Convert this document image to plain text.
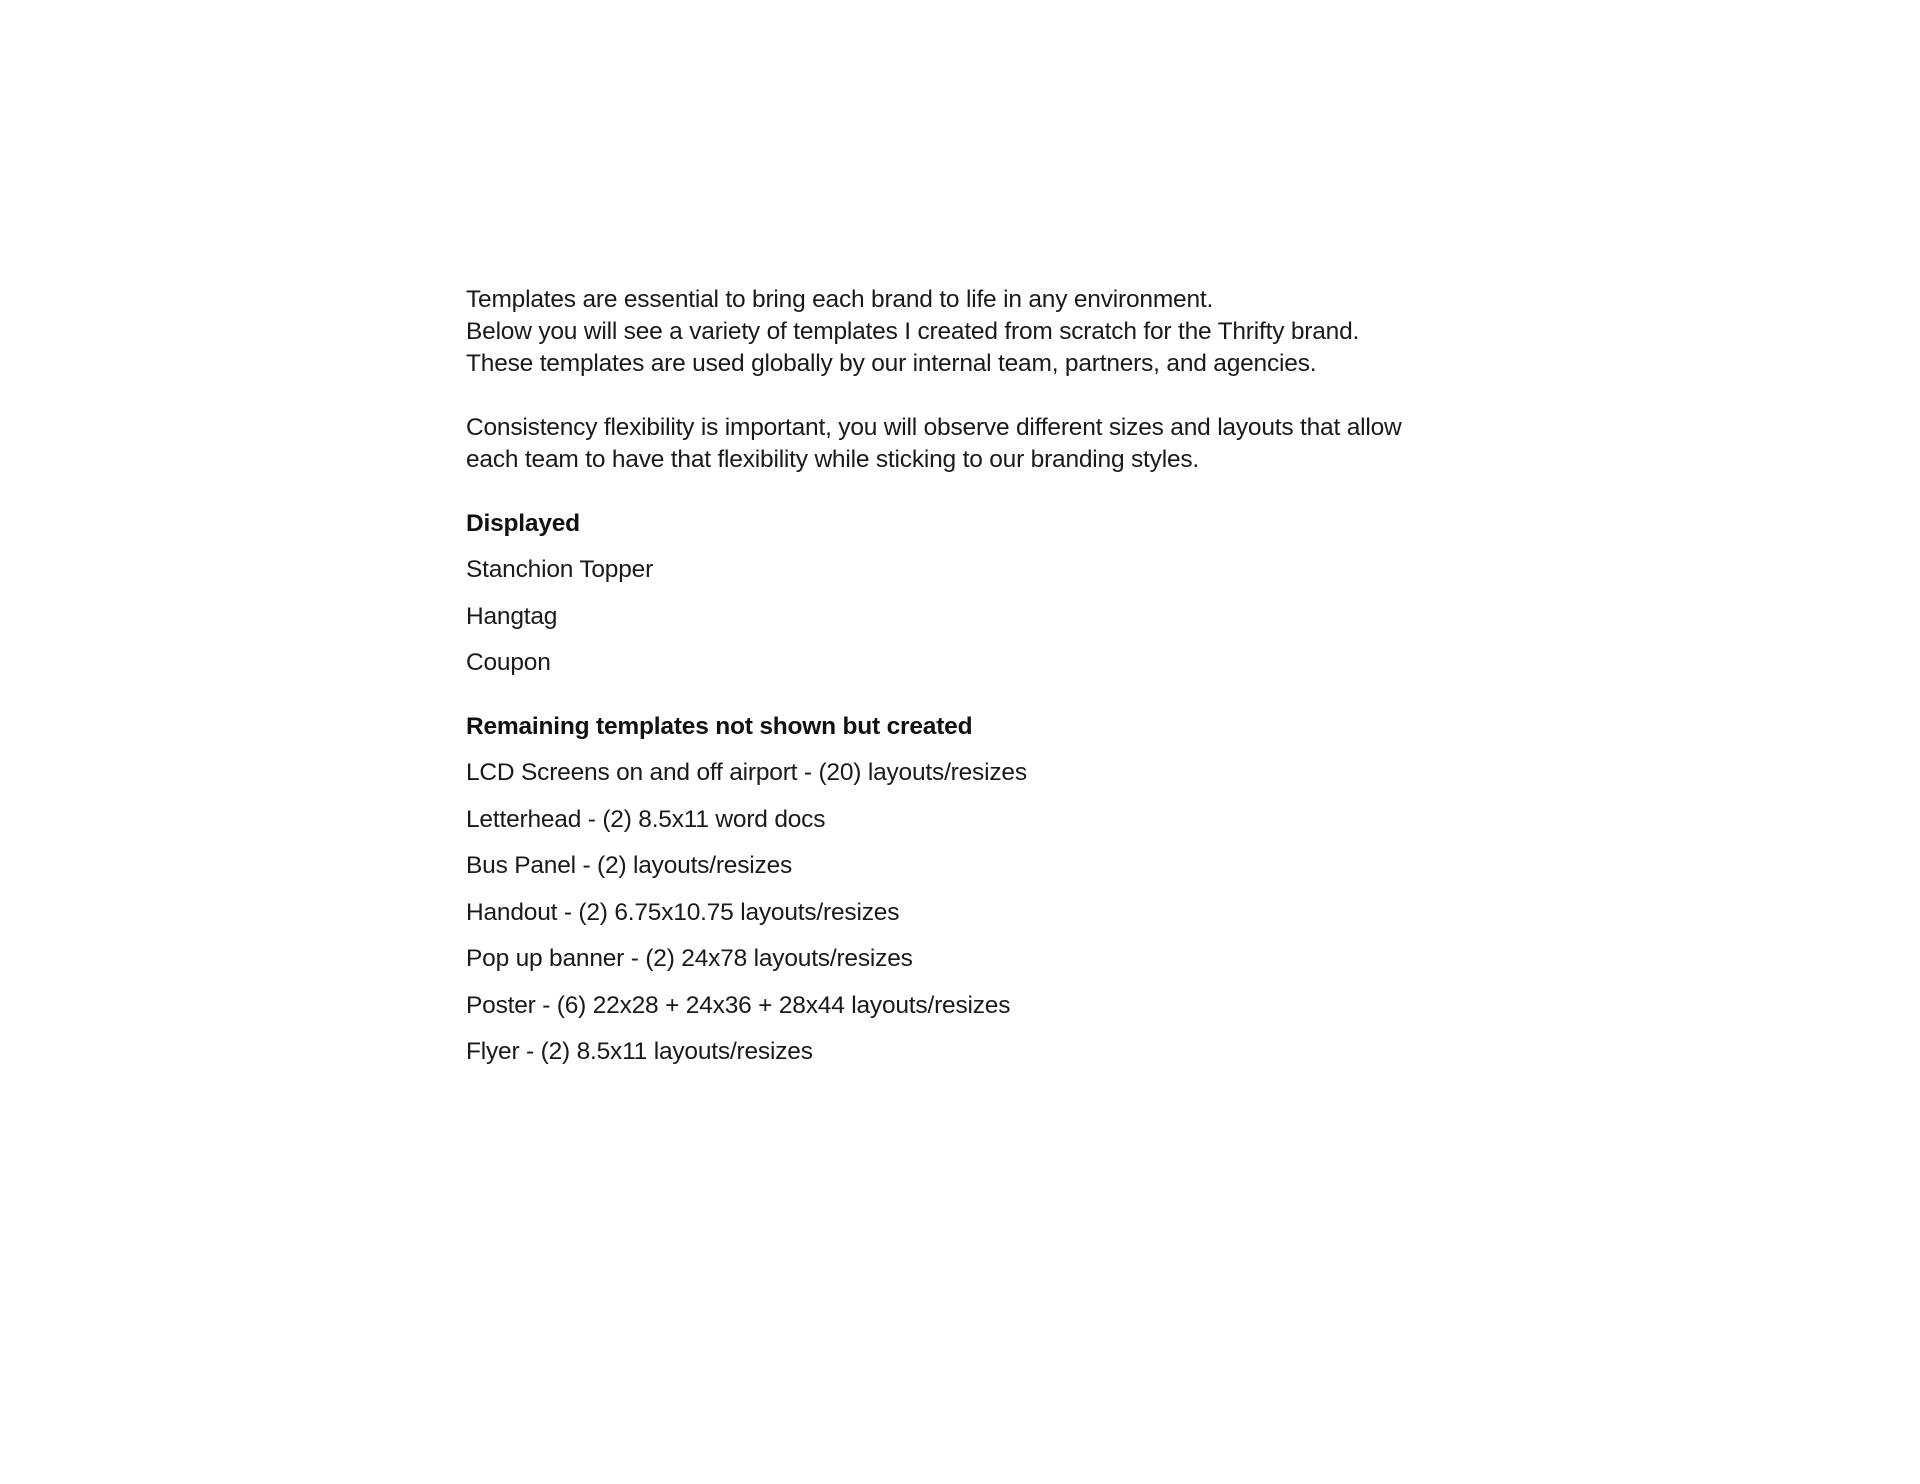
Templates are essential to bring each brand to life in any environment.
Below you will see a variety of templates I created from scratch for the Thrifty brand.
These templates are used globally by our internal team, partners, and agencies.

Consistency flexibility is important, you will observe different sizes and layouts that allow
each team to have that flexibility while sticking to our branding styles.

Displayed
Stanchion Topper
Hangtag
Coupon
Remaining templates not shown but created
LCD Screens on and off airport - (20) layouts/resizes
Letterhead - (2) 8.5x11 word docs
Bus Panel - (2) layouts/resizes
Handout - (2) 6.75x10.75 layouts/resizes
Pop up banner - (2) 24x78 layouts/resizes
Poster - (6) 22x28 + 24x36 + 28x44 layouts/resizes
Flyer - (2) 8.5x11 layouts/resizes
